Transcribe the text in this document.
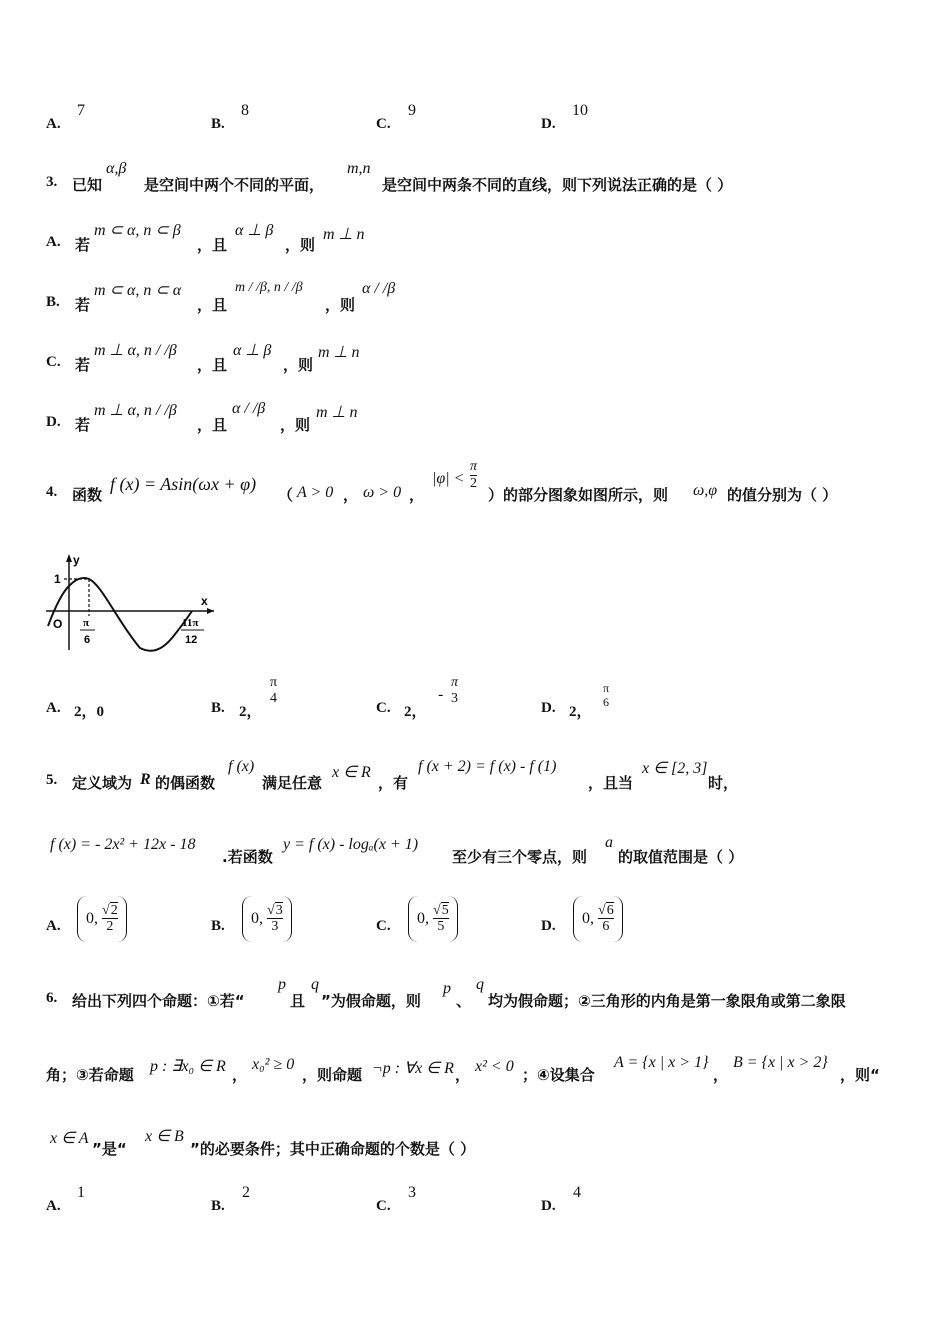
A.
7
B.
8
C.
9
D.
10
3. 已知
α,β
是空间中两个不同的平面，
m,n
是空间中两条不同的直线，则下列说法正确的是（ ）
A. 若
m ⊂ α, n ⊂ β
，且
α ⊥ β
，则
m ⊥ n
B. 若
m ⊂ α, n ⊂ α
，且
m / /β, n / /β
，则
α / /β
C. 若
m ⊥ α, n / /β
，且
α ⊥ β
，则
m ⊥ n
D. 若
m ⊥ α, n / /β
，且
α / /β
，则
m ⊥ n
4. 函数
f (x) = Asin(ωx + φ)
（ A > 0 ， ω > 0 ，
$|\varphi| < \frac{\pi}{2}$
）的部分图象如图所示，则 ω,φ 的值分别为（ ）
y
x
1
O π
6
11π
12
A. 2，0	B. 2，
π
4
C. 2，
-
π
3
D. 2，
π
6
5. 定义域为 R 的偶函数
f (x)
满足任意
x ∈ R
，有
f (x + 2) = f (x) - f (1)
，且当
x ∈ [2, 3]
时，
f (x) = - 2x² + 12x - 18
.若函数
y = f (x) - logₐ(x + 1)
至少有三个零点，则
a
的取值范围是（ ）
A.	0, $\frac{√2}{2}$	B.	0, $\frac{√3}{3}$	C.	0, $\frac{√5}{5}$	D.	0, $\frac{√6}{6}$
6. 给出下列四个命题：①若“
p
且
q
”为假命题，则
p
、
q
均为假命题；②三角形的内角是第一象限角或第二象限
角；③若命题 p : ∃x₀ ∈ R ，
x₀² ≥ 0
，则命题 ¬p : ∀x ∈ R ， x² < 0 ；④设集合
A = {x | x > 1}
，
B = {x | x > 2}
，则“
x ∈ A
”是“
x ∈ B
”的必要条件；其中正确命题的个数是（ ）
A.
1
B.
2
C.
3
D.
4
